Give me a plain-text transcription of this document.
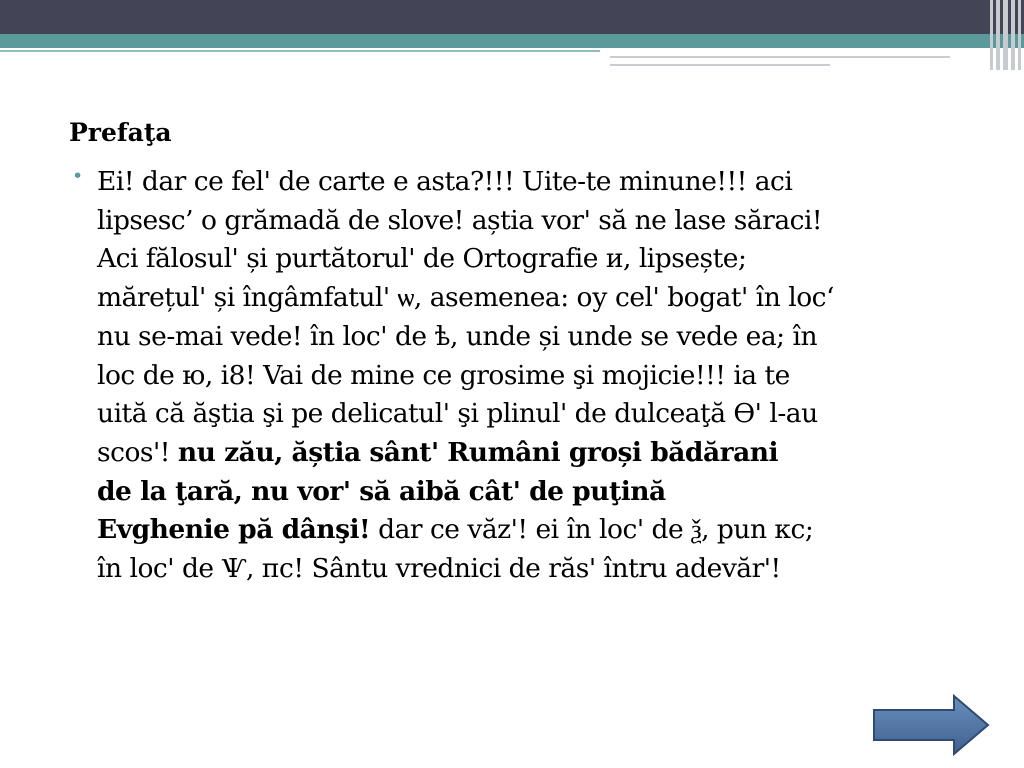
Prefaţa
• Ei! dar ce fel' de carte e asta?!!! Uite-te minune!!! aci
lipsesc’ o grămadă de slove! aștia vor' să ne lase săraci!
Aci fălosul' și purtătorul' de Ortografie и, lipsește;
mărețul' și îngâmfatul' ѡ, asemenea: оу cel' bogat' în loc‘
nu se-mai vede! în loc' de ѣ, unde și unde se vede ea; în
loc de ю, і8! Vai de mine ce grosime şi mojicie!!! ia te
uită că ăştia şi pe delicatul' şi plinul' de dulceaţă Ө' l-au
scos'! nu zău, ăștia sânt' Rumâni groși bădărani
de la ţară, nu vor' să aibă cât' de puţină
Evghenie pă dânşi! dar ce văz'! ei în loc' de ѯ, pun кс;
în loc' de Ѱ, пс! Sântu vrednici de răs' întru adevăr'!
